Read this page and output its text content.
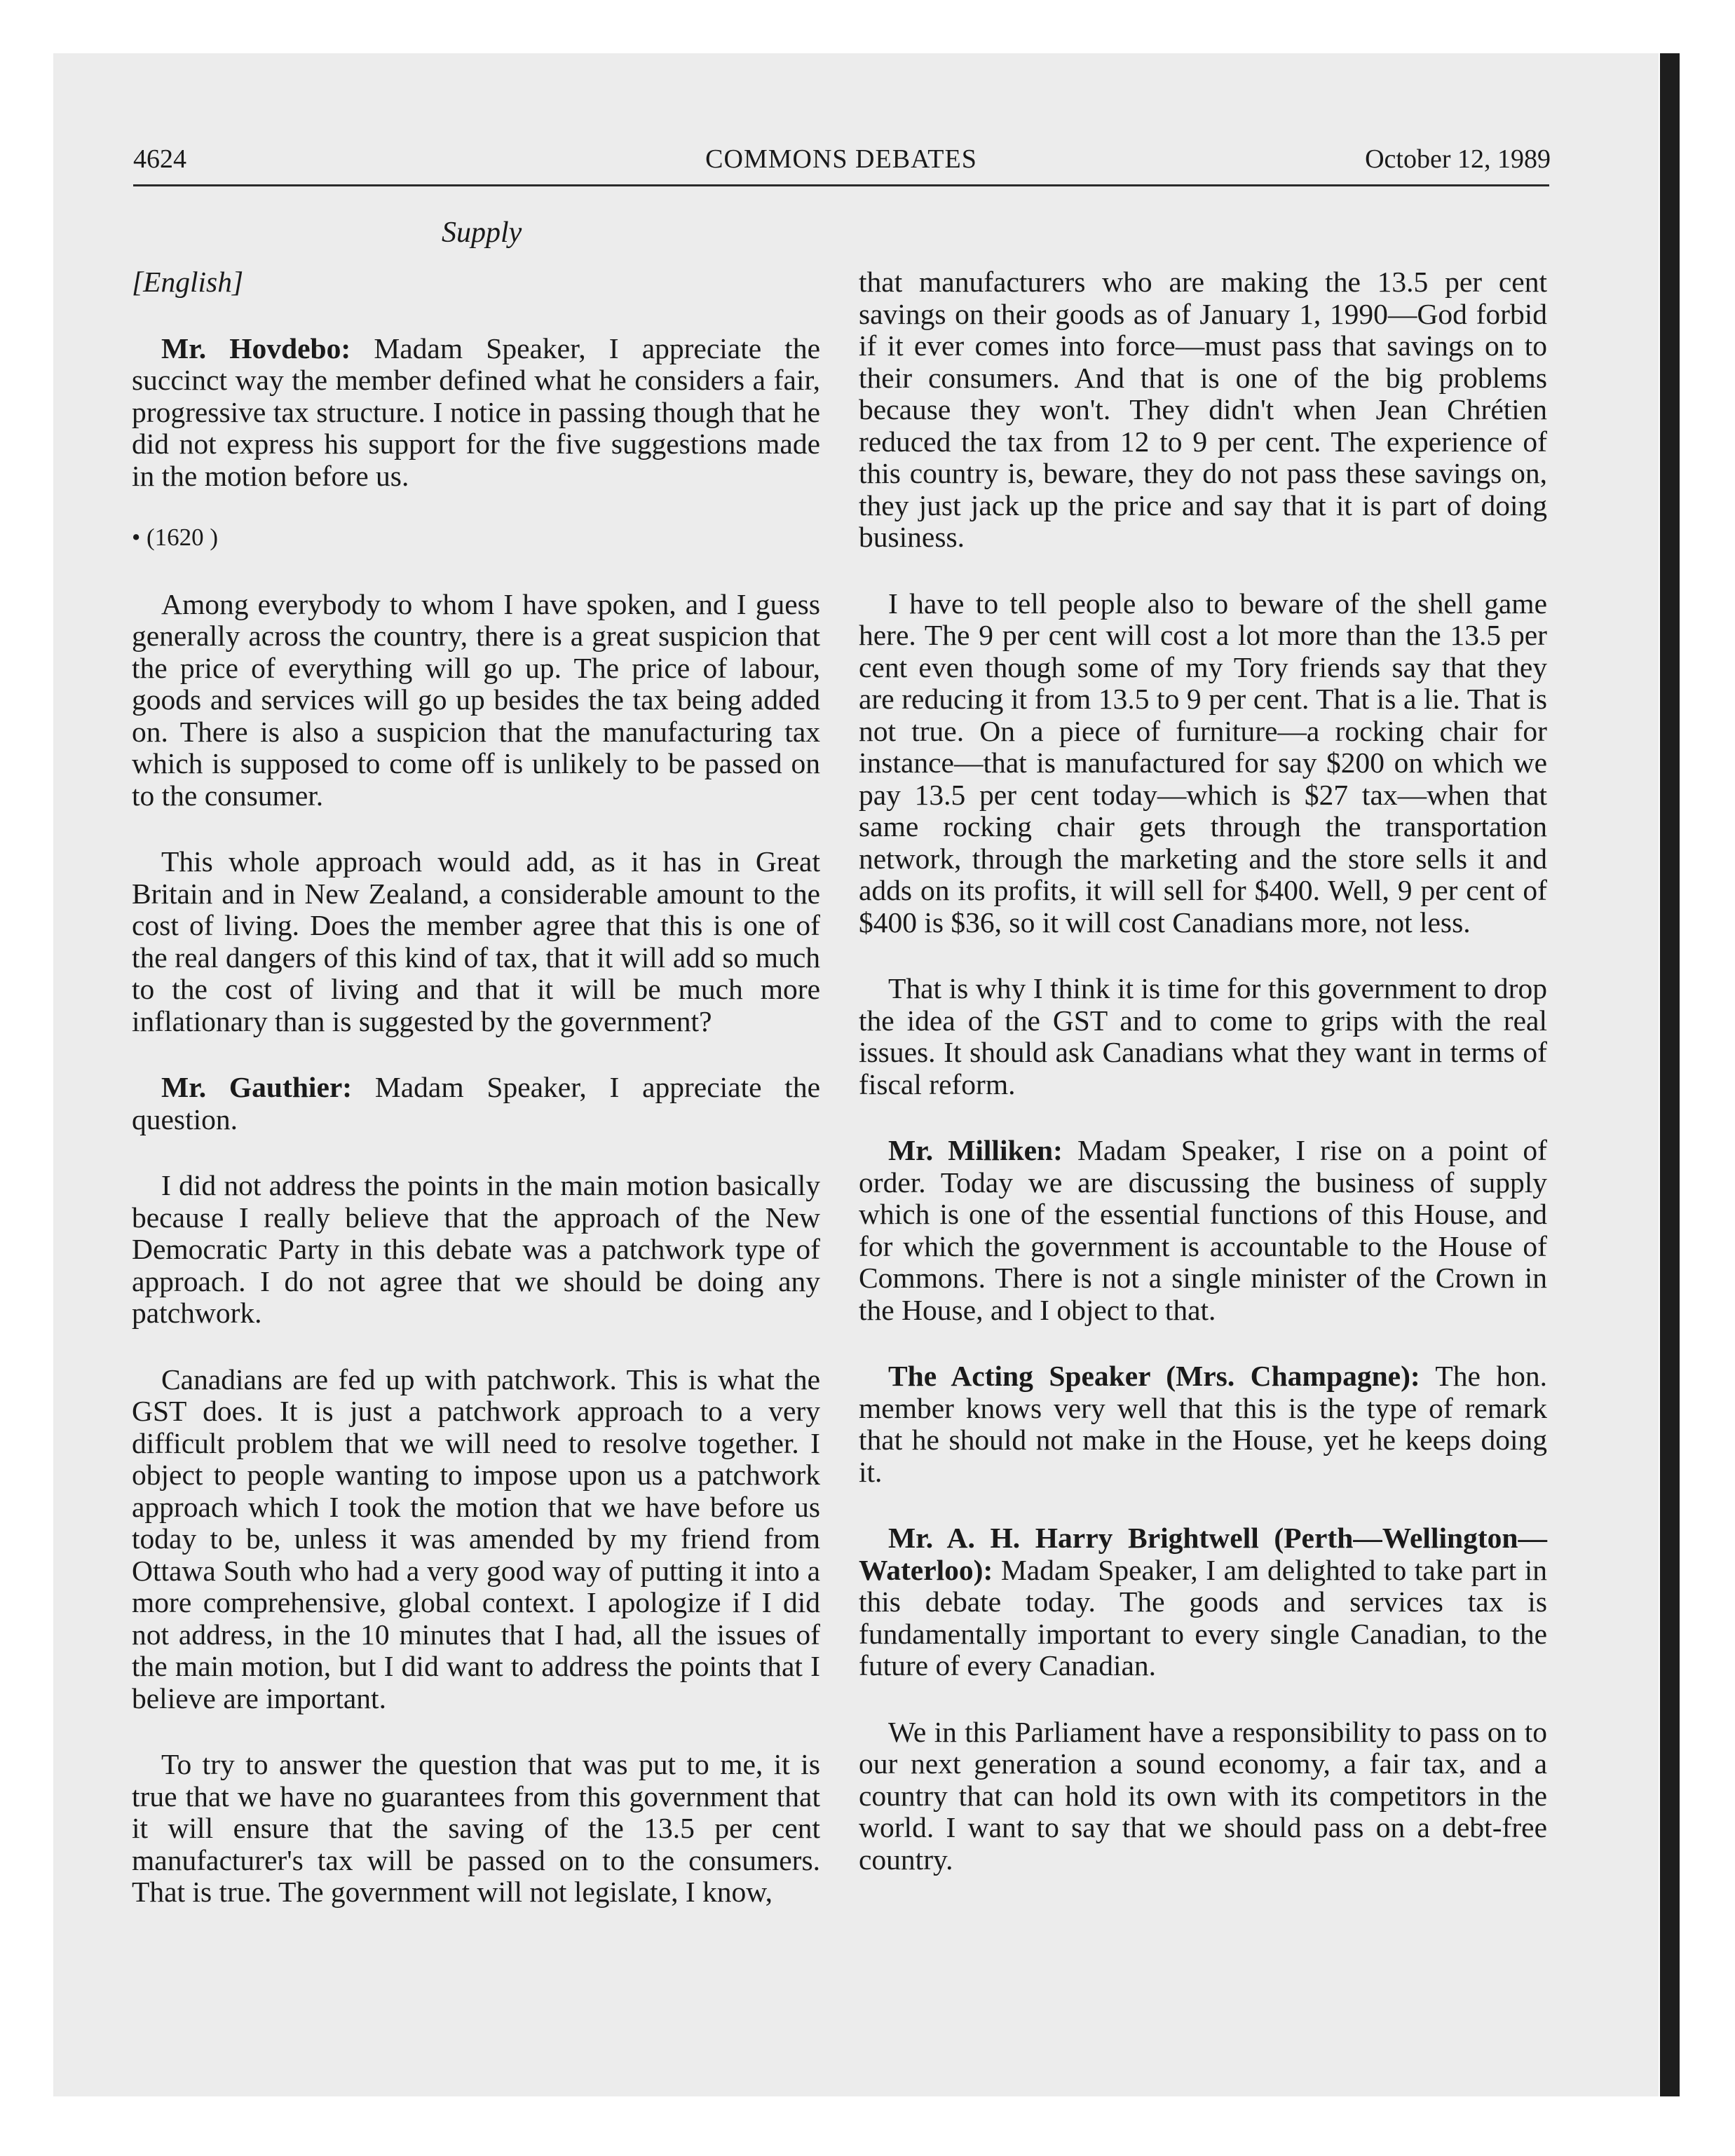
4624	COMMONS DEBATES	October 12, 1989
Supply

[English]

Mr. Hovdebo: Madam Speaker, I appreciate the succinct way the member defined what he considers a fair, progressive tax structure. I notice in passing though that he did not express his support for the five suggestions made in the motion before us.

• (1620 )

Among everybody to whom I have spoken, and I guess generally across the country, there is a great suspicion that the price of everything will go up. The price of labour, goods and services will go up besides the tax being added on. There is also a suspicion that the manufacturing tax which is supposed to come off is unlikely to be passed on to the consumer.

This whole approach would add, as it has in Great Britain and in New Zealand, a considerable amount to the cost of living. Does the member agree that this is one of the real dangers of this kind of tax, that it will add so much to the cost of living and that it will be much more inflationary than is suggested by the government?

Mr. Gauthier: Madam Speaker, I appreciate the question.

I did not address the points in the main motion basically because I really believe that the approach of the New Democratic Party in this debate was a patchwork type of approach. I do not agree that we should be doing any patchwork.

Canadians are fed up with patchwork. This is what the GST does. It is just a patchwork approach to a very difficult problem that we will need to resolve together. I object to people wanting to impose upon us a patchwork approach which I took the motion that we have before us today to be, unless it was amended by my friend from Ottawa South who had a very good way of putting it into a more comprehensive, global context. I apologize if I did not address, in the 10 minutes that I had, all the issues of the main motion, but I did want to address the points that I believe are important.

To try to answer the question that was put to me, it is true that we have no guarantees from this government that it will ensure that the saving of the 13.5 per cent manufacturer's tax will be passed on to the consumers. That is true. The government will not legislate, I know,

that manufacturers who are making the 13.5 per cent savings on their goods as of January 1, 1990—God forbid if it ever comes into force—must pass that savings on to their consumers. And that is one of the big problems because they won't. They didn't when Jean Chrétien reduced the tax from 12 to 9 per cent. The experience of this country is, beware, they do not pass these savings on, they just jack up the price and say that it is part of doing business.

I have to tell people also to beware of the shell game here. The 9 per cent will cost a lot more than the 13.5 per cent even though some of my Tory friends say that they are reducing it from 13.5 to 9 per cent. That is a lie. That is not true. On a piece of furniture—a rocking chair for instance—that is manufactured for say $200 on which we pay 13.5 per cent today—which is $27 tax—when that same rocking chair gets through the transportation network, through the marketing and the store sells it and adds on its profits, it will sell for $400. Well, 9 per cent of $400 is $36, so it will cost Canadians more, not less.

That is why I think it is time for this government to drop the idea of the GST and to come to grips with the real issues. It should ask Canadians what they want in terms of fiscal reform.

Mr. Milliken: Madam Speaker, I rise on a point of order. Today we are discussing the business of supply which is one of the essential functions of this House, and for which the government is accountable to the House of Commons. There is not a single minister of the Crown in the House, and I object to that.

The Acting Speaker (Mrs. Champagne): The hon. member knows very well that this is the type of remark that he should not make in the House, yet he keeps doing it.

Mr. A. H. Harry Brightwell (Perth—Wellington—Waterloo): Madam Speaker, I am delighted to take part in this debate today. The goods and services tax is fundamentally important to every single Canadian, to the future of every Canadian.

We in this Parliament have a responsibility to pass on to our next generation a sound economy, a fair tax, and a country that can hold its own with its competitors in the world. I want to say that we should pass on a debt-free country.
